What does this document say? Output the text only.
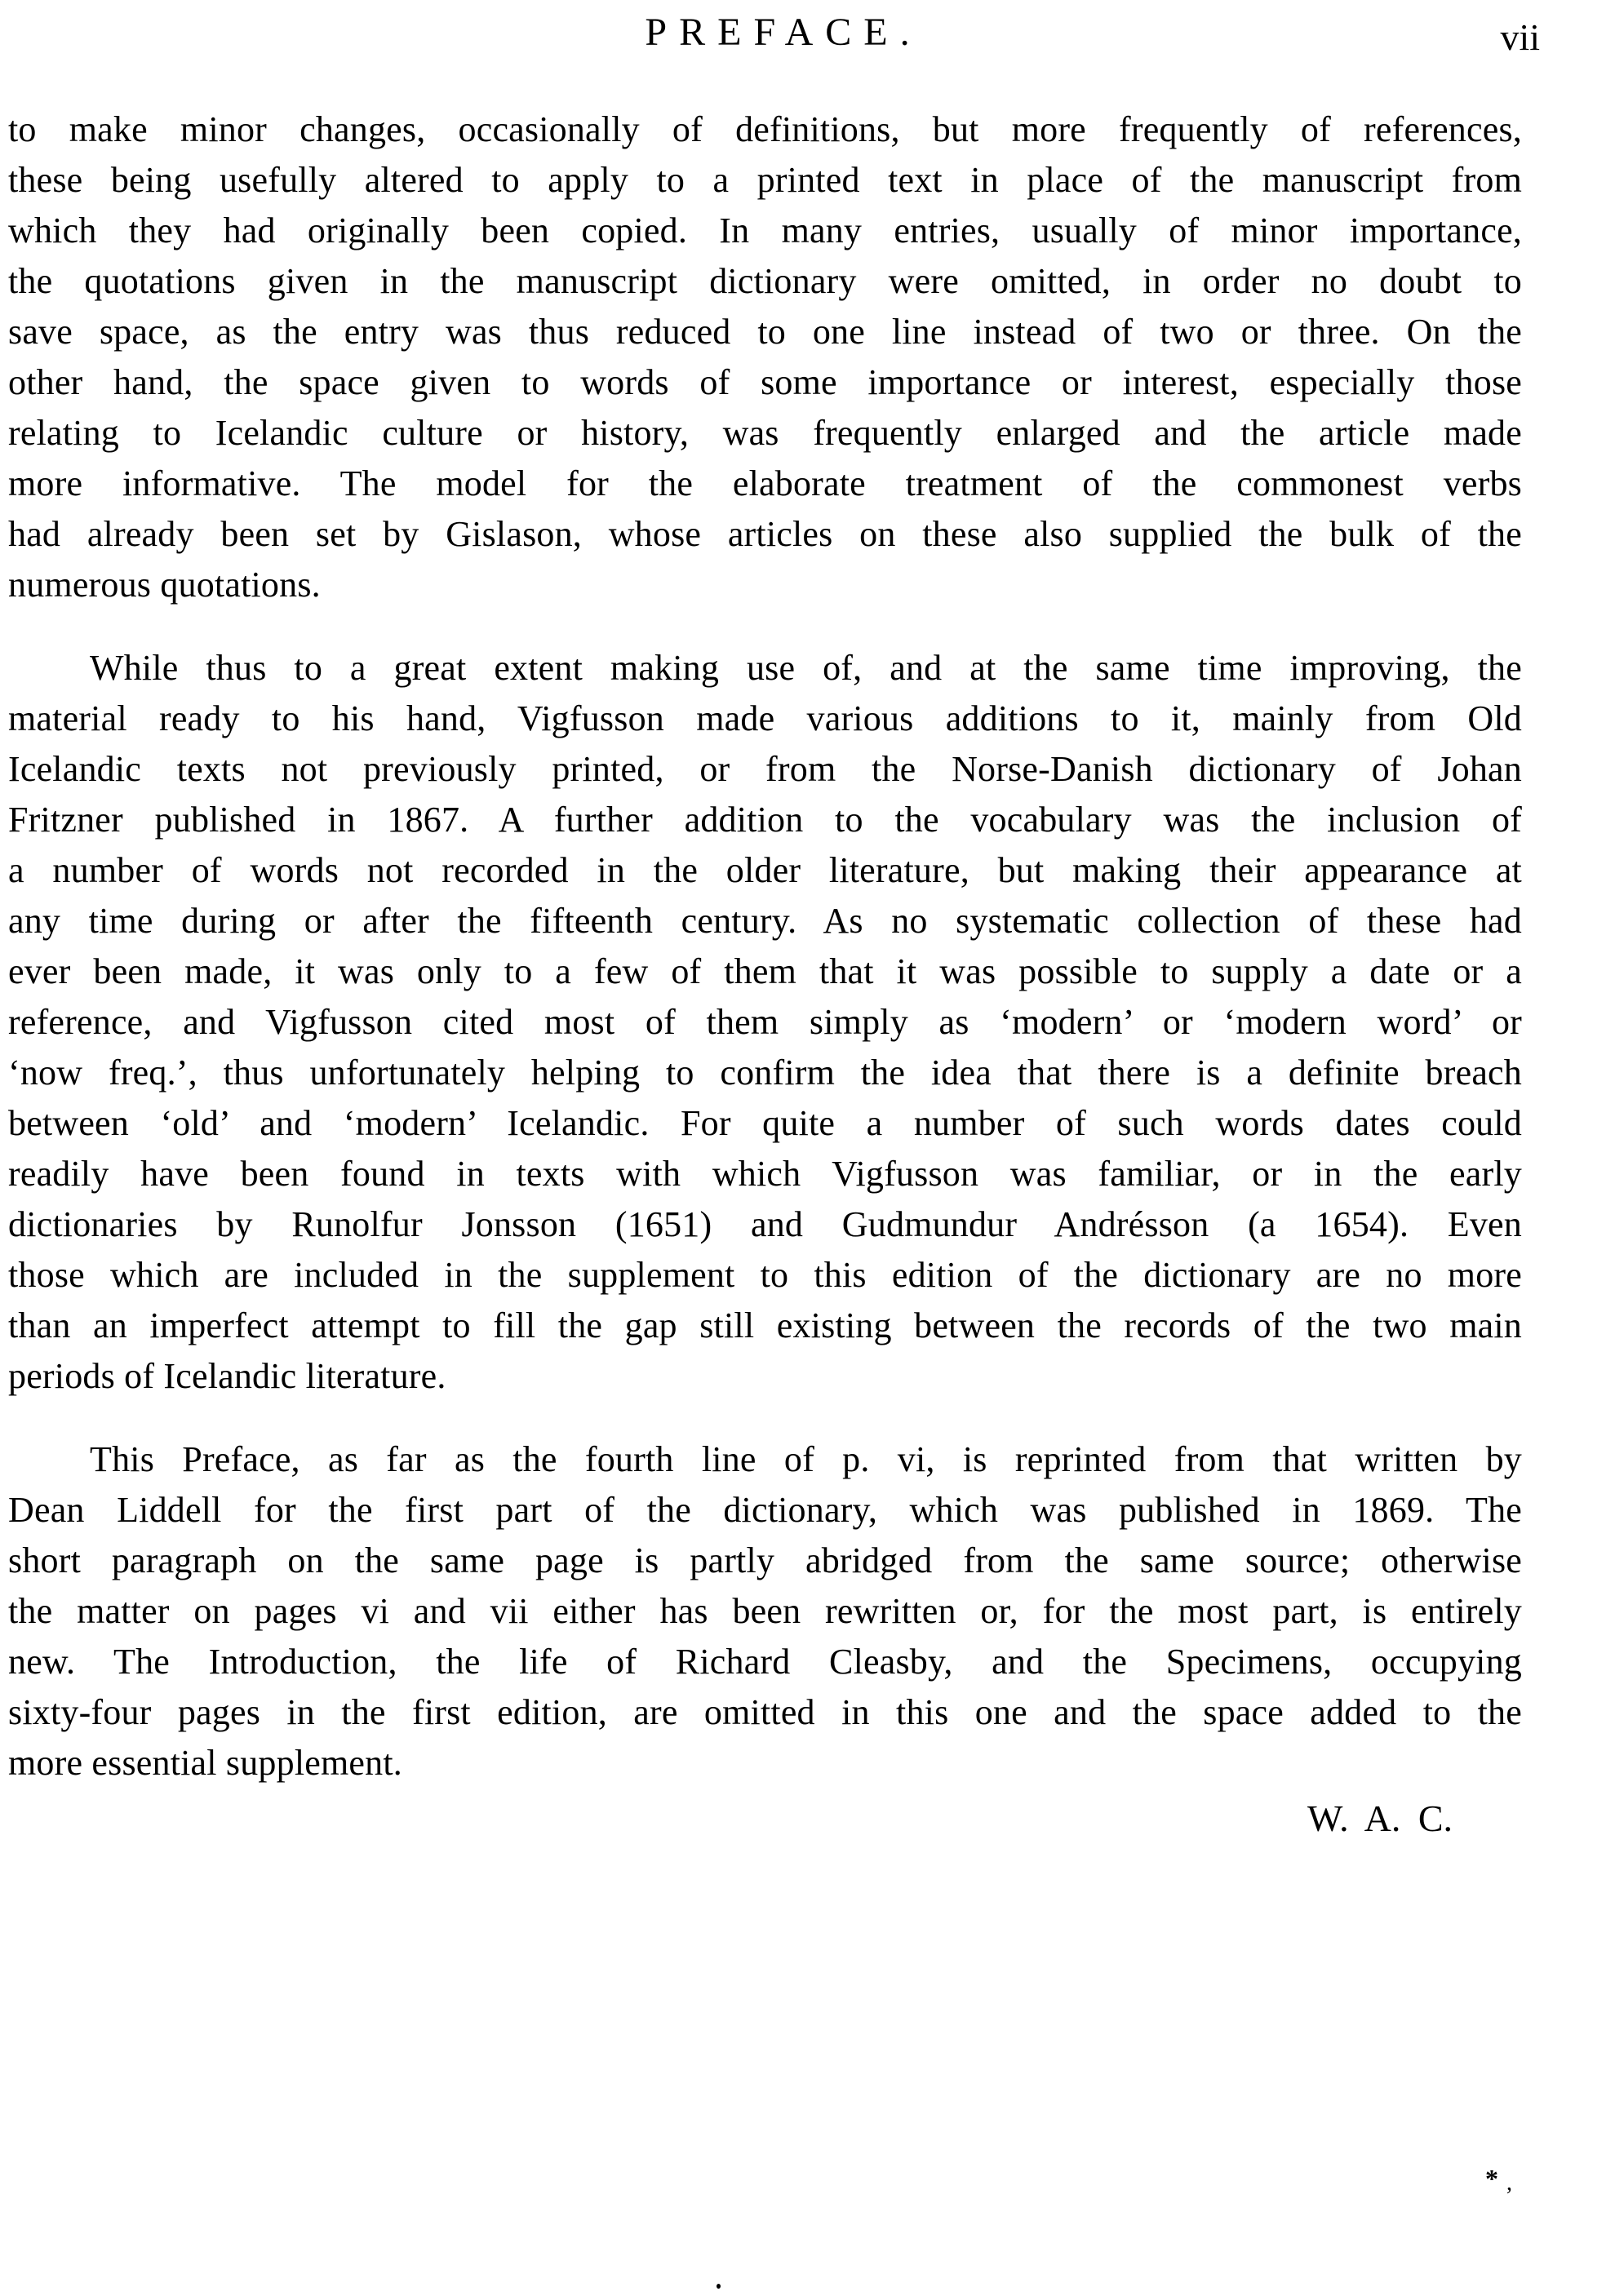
PREFACE.	vii
to make minor changes, occasionally of definitions, but more frequently of references,
these being usefully altered to apply to a printed text in place of the manuscript from
which they had originally been copied. In many entries, usually of minor importance,
the quotations given in the manuscript dictionary were omitted, in order no doubt to
save space, as the entry was thus reduced to one line instead of two or three. On the
other hand, the space given to words of some importance or interest, especially those
relating to Icelandic culture or history, was frequently enlarged and the article made
more informative. The model for the elaborate treatment of the commonest verbs
had already been set by Gislason, whose articles on these also supplied the bulk of the
numerous quotations.
While thus to a great extent making use of, and at the same time improving, the
material ready to his hand, Vigfusson made various additions to it, mainly from Old
Icelandic texts not previously printed, or from the Norse-Danish dictionary of Johan
Fritzner published in 1867. A further addition to the vocabulary was the inclusion of
a number of words not recorded in the older literature, but making their appearance at
any time during or after the fifteenth century. As no systematic collection of these had
ever been made, it was only to a few of them that it was possible to supply a date or a
reference, and Vigfusson cited most of them simply as ‘modern’ or ‘modern word’ or
‘now freq.’, thus unfortunately helping to confirm the idea that there is a definite breach
between ‘old’ and ‘modern’ Icelandic. For quite a number of such words dates could
readily have been found in texts with which Vigfusson was familiar, or in the early
dictionaries by Runolfur Jonsson (1651) and Gudmundur Andrésson (a 1654). Even
those which are included in the supplement to this edition of the dictionary are no more
than an imperfect attempt to fill the gap still existing between the records of the two main
periods of Icelandic literature.
This Preface, as far as the fourth line of p. vi, is reprinted from that written by
Dean Liddell for the first part of the dictionary, which was published in 1869. The
short paragraph on the same page is partly abridged from the same source; otherwise
the matter on pages vi and vii either has been rewritten or, for the most part, is entirely
new. The Introduction, the life of Richard Cleasby, and the Specimens, occupying
sixty-four pages in the first edition, are omitted in this one and the space added to the
more essential supplement.
W. A. C.
* ,
